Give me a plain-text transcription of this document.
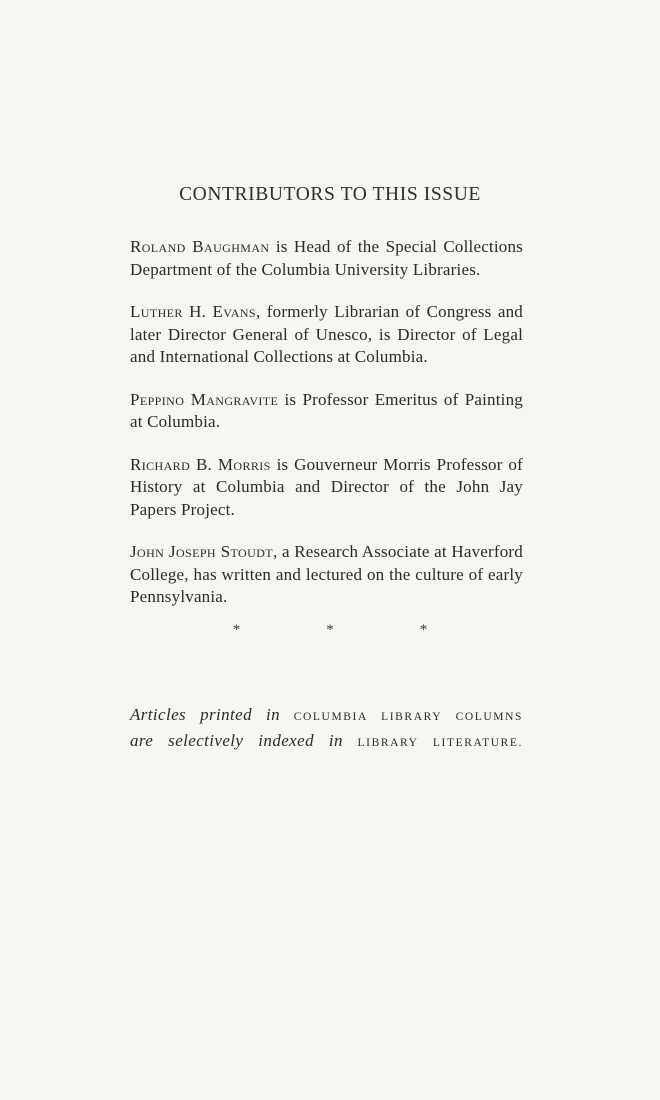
CONTRIBUTORS TO THIS ISSUE

Roland Baughman is Head of the Special Collections Department of the Columbia University Libraries.

Luther H. Evans, formerly Librarian of Congress and later Director General of Unesco, is Director of Legal and International Collections at Columbia.

Peppino Mangravite is Professor Emeritus of Painting at Columbia.

Richard B. Morris is Gouverneur Morris Professor of History at Columbia and Director of the John Jay Papers Project.

John Joseph Stoudt, a Research Associate at Haverford College, has written and lectured on the culture of early Pennsylvania.

*	*	*
Articles printed in COLUMBIA LIBRARY COLUMNS
are selectively indexed in LIBRARY LITERATURE.
